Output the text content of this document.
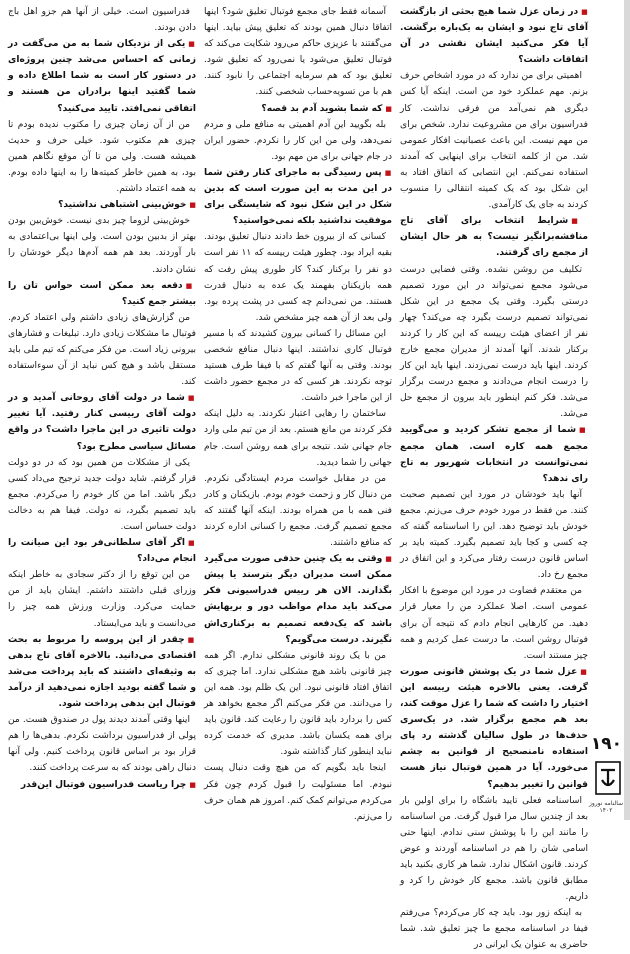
■ در زمان عزل شما هیچ بحثی از بازگشت آقای تاج نبود و ایشان به یک‌باره برگشت. آیا فکر می‌کنید ایشان نقشی در آن اتفاقات داشت؟

اهمیتی برای من ندارد که در مورد اشخاص حرف بزنم. مهم عملکرد خود من است. اینکه آیا کس دیگری هم نمی‌آمد من فرقی نداشت. کار فدراسیون برای من مشروعیت ندارد. شخص برای من مهم نیست. این باعث عصبانیت افکار عمومی شد. من از کلمه انتخاب برای اینهایی که آمدند استفاده نمی‌کنم. این انتصابی که اتفاق افتاد به این شکل بود که یک کمیته انتقالی را منسوب کردند به جای یک کارآمدی.

■ شرایط انتخاب برای آقای تاج منافشه‌برانگیز نیست؟ به هر حال ایشان از مجمع رای گرفتند.

تکلیف من روشن نشده. وقتی فضایی درست می‌شود مجمع نمی‌تواند در این مورد تصمیم درستی بگیرد. وقتی یک مجمع در این شکل نمی‌تواند تصمیم درست بگیرد چه می‌کند؟ چهار نفر از اعضای هیئت رییسه که این کار را کردند برکنار شدند. آنها آمدند از مدیران مجمع خارج کردند. اینها باید درست نمی‌زدند. اینها باید این کار را درست انجام می‌دادند و مجمع درست برگزار می‌شد. فکر کنم اینطور باید بیرون از مجمع حل می‌شد.

■ شما از مجمع تشکر کردید و می‌گویید مجمع همه کاره است. همان مجمع نمی‌توانست در انتخابات شهریور به تاج رای ندهد؟

آنها باید خودشان در مورد این تصمیم صحبت کنند. من فقط در مورد خودم حرف می‌زنم. مجمع خودش باید توضیح دهد. این را اساسنامه گفته که چه کسی و کجا باید تصمیم بگیرد. کمیته باید بر اساس قانون درست رفتار می‌کرد و این اتفاق در مجمع رخ داد.

من معتقدم قضاوت در مورد این موضوع با افکار عمومی است. اصلا عملکرد من را معیار قرار دهید. من کارهایی انجام دادم که نتیجه آن برای فوتبال روشن است. ما درست عمل کردیم و همه چیز مستند است.

■ عزل شما در یک پوشش قانونی صورت گرفت. یعنی بالاخره هیئت رییسه این اختیار را داشت که شما را عزل موقت کند، بعد هم مجمع برگزار شد. در یک‌سری حذف‌ها در طول سالیان گذشته رد پای استفاده نامنصحیح از قوانین به چشم می‌خورد. آیا در همین فوتبال نیاز هست قوانین را تغییر بدهیم؟

اساسنامه فعلی تایید باشگاه را برای اولین بار بعد از چندین سال مرا قبول گرفت. من اساسنامه را مانند این را با پوشش سنی ندادم. اینها حتی اسامی شان را هم در اساسنامه آوردند و عوض کردند. قانون اشکال ندارد. شما هر کاری بکنید باید مطابق قانون باشد. مجمع کار خودش را کرد و داریم.

به اینکه زور بود. باید چه کار می‌کردم؟ می‌رفتم فیفا در اساسنامه مجمع ما چیز تعلیق شد. شما حاضری به عنوان یک ایرانی در

آسمانه فقط جای مجمع فوتبال تعلیق شود؟ اینها اتفاقا دنبال همین بودند که تعلیق پیش بیاید. اینها می‌گفتند با عزیزی حاکم می‌رود شکایت می‌کند که فوتبال تعلیق می‌شود یا نمی‌رود که تعلیق شود. تعلیق بود که هم سرمایه اجتماعی را نابود کنند. هم با من تسویه‌حساب شخصی کنند.

■ که شما بشوید آدم بد قصه؟

بله بگویید این آدم اهمیتی به منافع ملی و مردم نمی‌دهد، ولی من این کار را نکردم. حضور ایران در جام جهانی برای من مهم بود.

■ پس رسیدگی به ماجرای کنار رفتن شما در این مدت به این صورت است که بدین شکل در این شکل نبود که شایستگی برای موفقیت نداشتید بلکه نمی‌خواستید؟

کسانی که از بیرون خط دادند دنبال تعلیق بودند. بقیه ایراد بود. چطور هیئت رییسه که ۱۱ نفر است دو نفر را برکنار کند؟ کار طوری پیش رفت که همه بازیکنان بفهمند یک عده به دنبال قدرت هستند. من نمی‌دانم چه کسی در پشت پرده بود. ولی بعد از آن همه چیز مشخص شد.

این مسائل را کسانی بیرون کشیدند که با مسیر فوتبال کاری نداشتند. اینها دنبال منافع شخصی بودند. وقتی به آنها گفتم که با فیفا طرف هستید توجه نکردند. هر کسی که در مجمع حضور داشت از این ماجرا خبر داشت.

ساختمان را رهایی اعتبار نکردند. به دلیل اینکه فکر کردند من مانع هستم. بعد از من تیم ملی وارد جام جهانی شد. نتیجه برای همه روشن است. جام جهانی را شما دیدید.

من در مقابل خواست مردم ایستادگی نکردم. من دنبال کار و زحمت خودم بودم. بازیکنان و کادر فنی همه با من همراه بودند. اینکه آنها گفتند که مجمع تصمیم گرفت. مجمع را کسانی اداره کردند که منافع داشتند.

■ وقتی به یک چنین حذفی صورت می‌گیرد ممکن است مدیران دیگر بترسند یا پیش بگذارند. الان هر رییس فدراسیونی فکر می‌کند باید مدام مواظب دور و بریهایش باشد که یک‌دفعه تصمیم به برکناری‌اش نگیرند. درست می‌گویم؟

من با یک روند قانونی مشکلی ندارم. اگر همه چیز قانونی باشد هیچ مشکلی ندارد. اما چیزی که اتفاق افتاد قانونی نبود. این یک ظلم بود. همه این را می‌دانند. من فکر می‌کنم اگر مجمع بخواهد هر کس را بردارد باید قانون را رعایت کند. قانون باید برای همه یکسان باشد. مدیری که خدمت کرده نباید اینطور کنار گذاشته شود.

اینجا باید بگویم که من هیچ وقت دنبال پست نبودم. اما مسئولیت را قبول کردم چون فکر می‌کردم می‌توانم کمک کنم. امروز هم همان حرف را می‌زنم.

فدراسیون است. خیلی از آنها هم جزو اهل باج دادن بودند.

■ یکی از نزدیکان شما به من می‌گفت در زمانی که احساس می‌شد چنین پروژه‌ای در دستور کار است به شما اطلاع داده و شما گفتید اینها برادران من هستند و اتفاقی نمی‌افتد. تایید می‌کنید؟

من از آن زمان چیزی را مکتوب ندیده بودم تا چیزی هم مکتوب شود. خیلی حرف و حدیث همیشه هست. ولی من تا آن موقع نگاهم همین بود، به همین خاطر کمیته‌ها را به اینها داده بودم. به همه اعتماد داشتم.

■ خوش‌بینی اشتباهی نداشتید؟

خوش‌بینی لزوما چیز بدی نیست. خوش‌بین بودن بهتر از بدبین بودن است. ولی اینها بی‌اعتمادی به بار آوردند. بعد هم همه آدم‌ها دیگر خودشان را نشان دادند.

■ دقعه بعد ممکن است حواس تان را بیشتر جمع کنید؟

من گزارش‌های زیادی داشتم ولی اعتماد کردم. فوتبال ما مشکلات زیادی دارد. تبلیغات و فشارهای بیرونی زیاد است. من فکر می‌کنم که تیم ملی باید مستقل باشد و هیچ کس نباید از آن سوءاستفاده کند.

■ شما در دولت آقای روحانی آمدید و در دولت آقای رییسی کنار رفتید. آیا تغییر دولت تاثیری در این ماجرا داشت؟ در واقع مسائل سیاسی مطرح بود؟

یکی از مشکلات من همین بود که در دو دولت قرار گرفتم. شاید دولت جدید ترجیح می‌داد کسی دیگر باشد. اما من کار خودم را می‌کردم. مجمع باید تصمیم بگیرد، نه دولت. فیفا هم به دخالت دولت حساس است.

■ اگر آقای سلطانی‌فر بود این صیانت را انجام می‌داد؟

من این توقع را از دکتر سجادی به خاطر اینکه وزرای قبلی داشتند داشتم. ایشان باید از من حمایت می‌کرد. وزارت ورزش همه چیز را می‌دانست و باید می‌ایستاد.

■ چقدر از این پروسه را مربوط به بحث اقتصادی می‌دانید. بالاخره آقای تاج بدهی به وثیقه‌ای داشتند که باید پرداخت می‌شد و شما گفته بودید اجازه نمی‌دهید از درآمد فوتبال این بدهی پرداخت شود.

اینها وقتی آمدند دیدند پول در صندوق هست. من پولی از فدراسیون برداشت نکردم. بدهی‌ها را هم قرار بود بر اساس قانون پرداخت کنیم. ولی آنها دنبال راهی بودند که به سرعت پرداخت کنند.

■ چرا ریاست فدراسیون فوتبال این‌قدر

۱۹۰
سالنامه نوروز ۱۴۰۲
